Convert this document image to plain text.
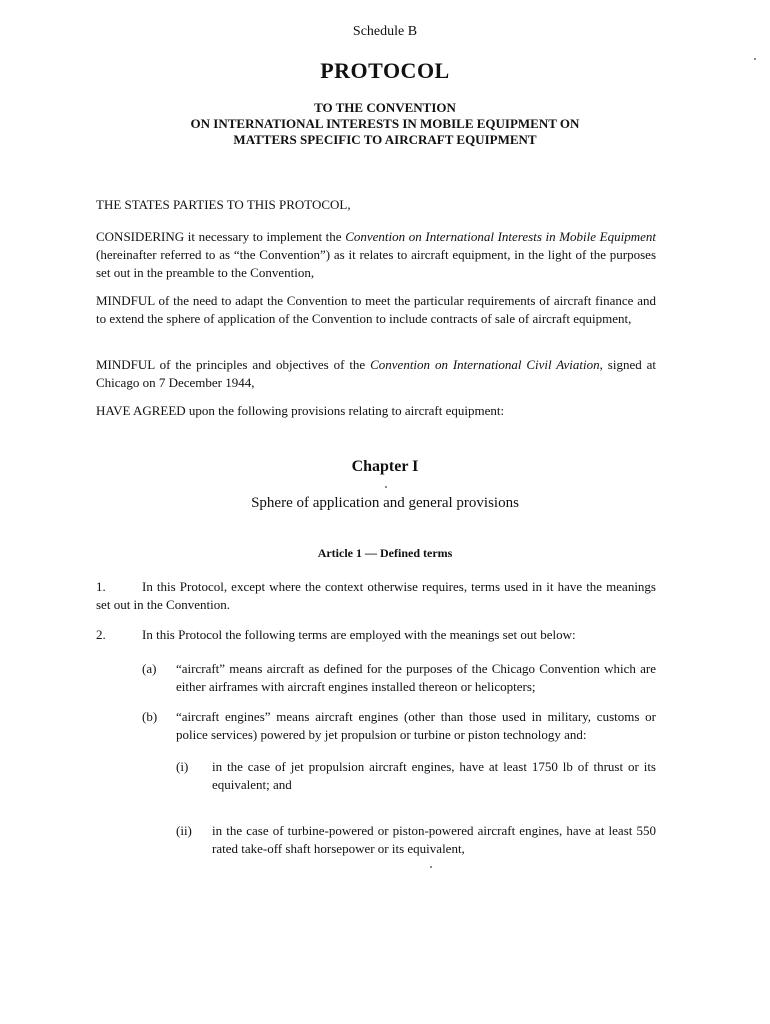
Schedule B
PROTOCOL
TO THE CONVENTION
ON INTERNATIONAL INTERESTS IN MOBILE EQUIPMENT ON
MATTERS SPECIFIC TO AIRCRAFT EQUIPMENT
THE STATES PARTIES TO THIS PROTOCOL,
CONSIDERING it necessary to implement the Convention on International Interests in Mobile Equipment (hereinafter referred to as “the Convention”) as it relates to aircraft equipment, in the light of the purposes set out in the preamble to the Convention,
MINDFUL of the need to adapt the Convention to meet the particular requirements of aircraft finance and to extend the sphere of application of the Convention to include contracts of sale of aircraft equipment,
MINDFUL of the principles and objectives of the Convention on International Civil Aviation, signed at Chicago on 7 December 1944,
HAVE AGREED upon the following provisions relating to aircraft equipment:
Chapter I
Sphere of application and general provisions
Article 1 — Defined terms
1.	In this Protocol, except where the context otherwise requires, terms used in it have the meanings set out in the Convention.
2.	In this Protocol the following terms are employed with the meanings set out below:
(a) “aircraft” means aircraft as defined for the purposes of the Chicago Convention which are either airframes with aircraft engines installed thereon or helicopters;
(b) “aircraft engines” means aircraft engines (other than those used in military, customs or police services) powered by jet propulsion or turbine or piston technology and:
(i) in the case of jet propulsion aircraft engines, have at least 1750 lb of thrust or its equivalent; and
(ii) in the case of turbine-powered or piston-powered aircraft engines, have at least 550 rated take-off shaft horsepower or its equivalent,
